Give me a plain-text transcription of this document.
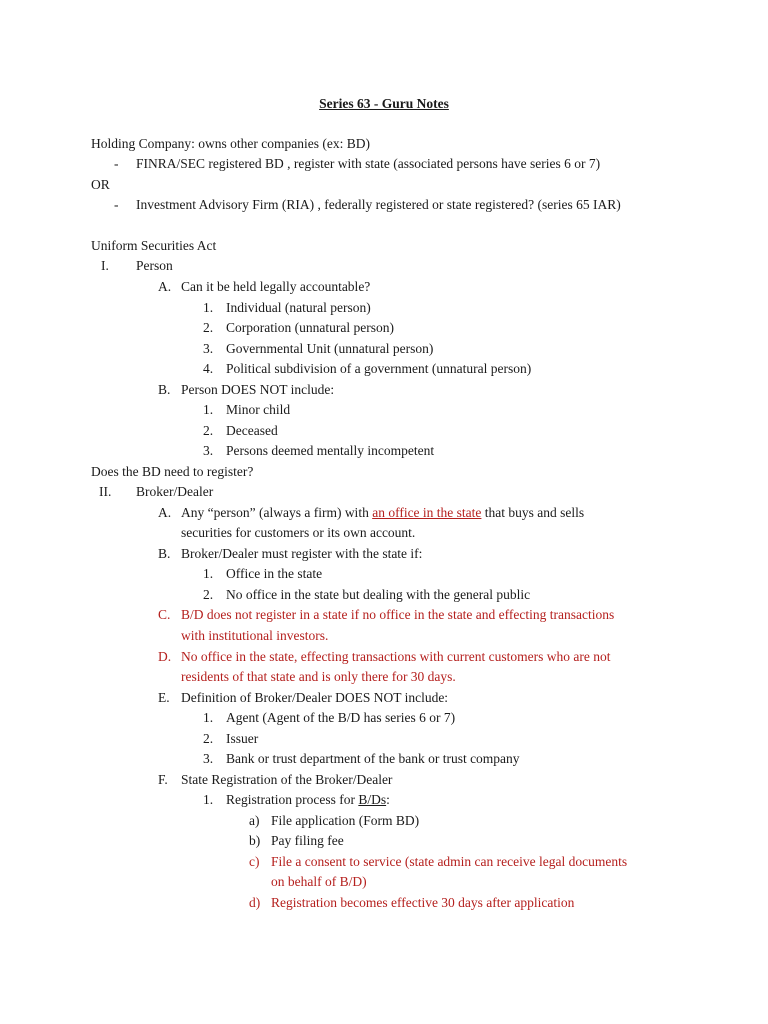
Series 63 - Guru Notes
Holding Company: owns other companies (ex: BD)
- FINRA/SEC registered BD , register with state (associated persons have series 6 or 7)
OR
- Investment Advisory Firm (RIA) , federally registered or state registered? (series 65 IAR)
Uniform Securities Act
I. Person
A. Can it be held legally accountable?
1. Individual (natural person)
2. Corporation (unnatural person)
3. Governmental Unit (unnatural person)
4. Political subdivision of a government (unnatural person)
B. Person DOES NOT include:
1. Minor child
2. Deceased
3. Persons deemed mentally incompetent
Does the BD need to register?
II. Broker/Dealer
A. Any “person” (always a firm) with an office in the state that buys and sells
securities for customers or its own account.
B. Broker/Dealer must register with the state if:
1. Office in the state
2. No office in the state but dealing with the general public
C. B/D does not register in a state if no office in the state and effecting transactions
with institutional investors.
D. No office in the state, effecting transactions with current customers who are not
residents of that state and is only there for 30 days.
E. Definition of Broker/Dealer DOES NOT include:
1. Agent (Agent of the B/D has series 6 or 7)
2. Issuer
3. Bank or trust department of the bank or trust company
F. State Registration of the Broker/Dealer
1. Registration process for B/Ds:
a) File application (Form BD)
b) Pay filing fee
c) File a consent to service (state admin can receive legal documents
on behalf of B/D)
d) Registration becomes effective 30 days after application
